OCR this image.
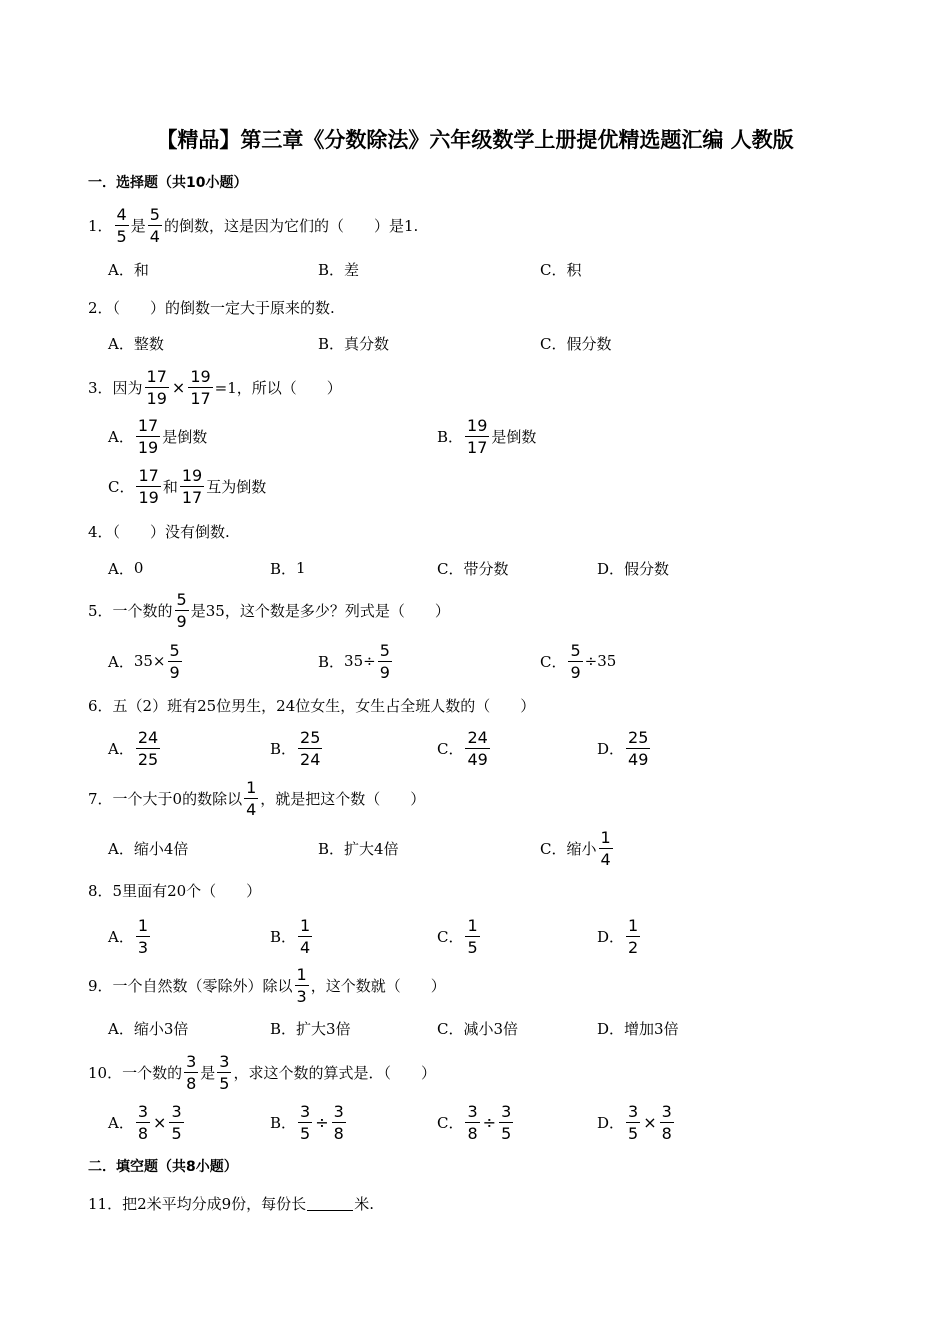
【精品】第三章《分数除法》六年级数学上册提优精选题汇编 人教版
一．选择题（共10小题）
1． $\frac{4}{5}$ 是 $\frac{5}{4}$ 的倒数，这是因为它们的（　　）是1.
A． 和	B． 差	C． 积
2．（　　）的倒数一定大于原来的数.
A． 整数	B． 真分数	C． 假分数
3．因为 $\frac{17}{19} \times \frac{19}{17} =1$，所以（　　）
A． $\frac{17}{19}$ 是倒数	B． $\frac{19}{17}$ 是倒数
C． $\frac{17}{19}$ 和 $\frac{19}{17}$ 互为倒数
4．（　　）没有倒数.
A． 0	B． 1	C． 带分数	D． 假分数
5．一个数的 $\frac{5}{9}$ 是35，这个数是多少？列式是（　　）
A． $35\times \frac{5}{9}$	B． $35\div \frac{5}{9}$	C． $\frac{5}{9} \div 35$
6．五（2）班有25位男生，24位女生，女生占全班人数的（　　）
A． $\frac{24}{25}$	B． $\frac{25}{24}$	C． $\frac{24}{49}$	D． $\frac{25}{49}$
7．一个大于0的数除以 $\frac{1}{4}$ ，就是把这个数（　　）
A． 缩小4倍	B． 扩大4倍	C． 缩小 $\frac{1}{4}$
8．5里面有20个（　　）
A． $\frac{1}{3}$	B． $\frac{1}{4}$	C． $\frac{1}{5}$	D． $\frac{1}{2}$
9．一个自然数（零除外）除以 $\frac{1}{3}$ ，这个数就（　　）
A． 缩小3倍	B． 扩大3倍	C． 减小3倍	D． 增加3倍
10．一个数的 $\frac{3}{8}$ 是 $\frac{3}{5}$ ，求这个数的算式是．（　　）
A． $\frac{3}{8} \times \frac{3}{5}$	B． $\frac{3}{5} \div \frac{3}{8}$	C． $\frac{3}{8} \div \frac{3}{5}$	D． $\frac{3}{5} \times \frac{3}{8}$
二．填空题（共8小题）
11．把2米平均分成9份，每份长	米.
